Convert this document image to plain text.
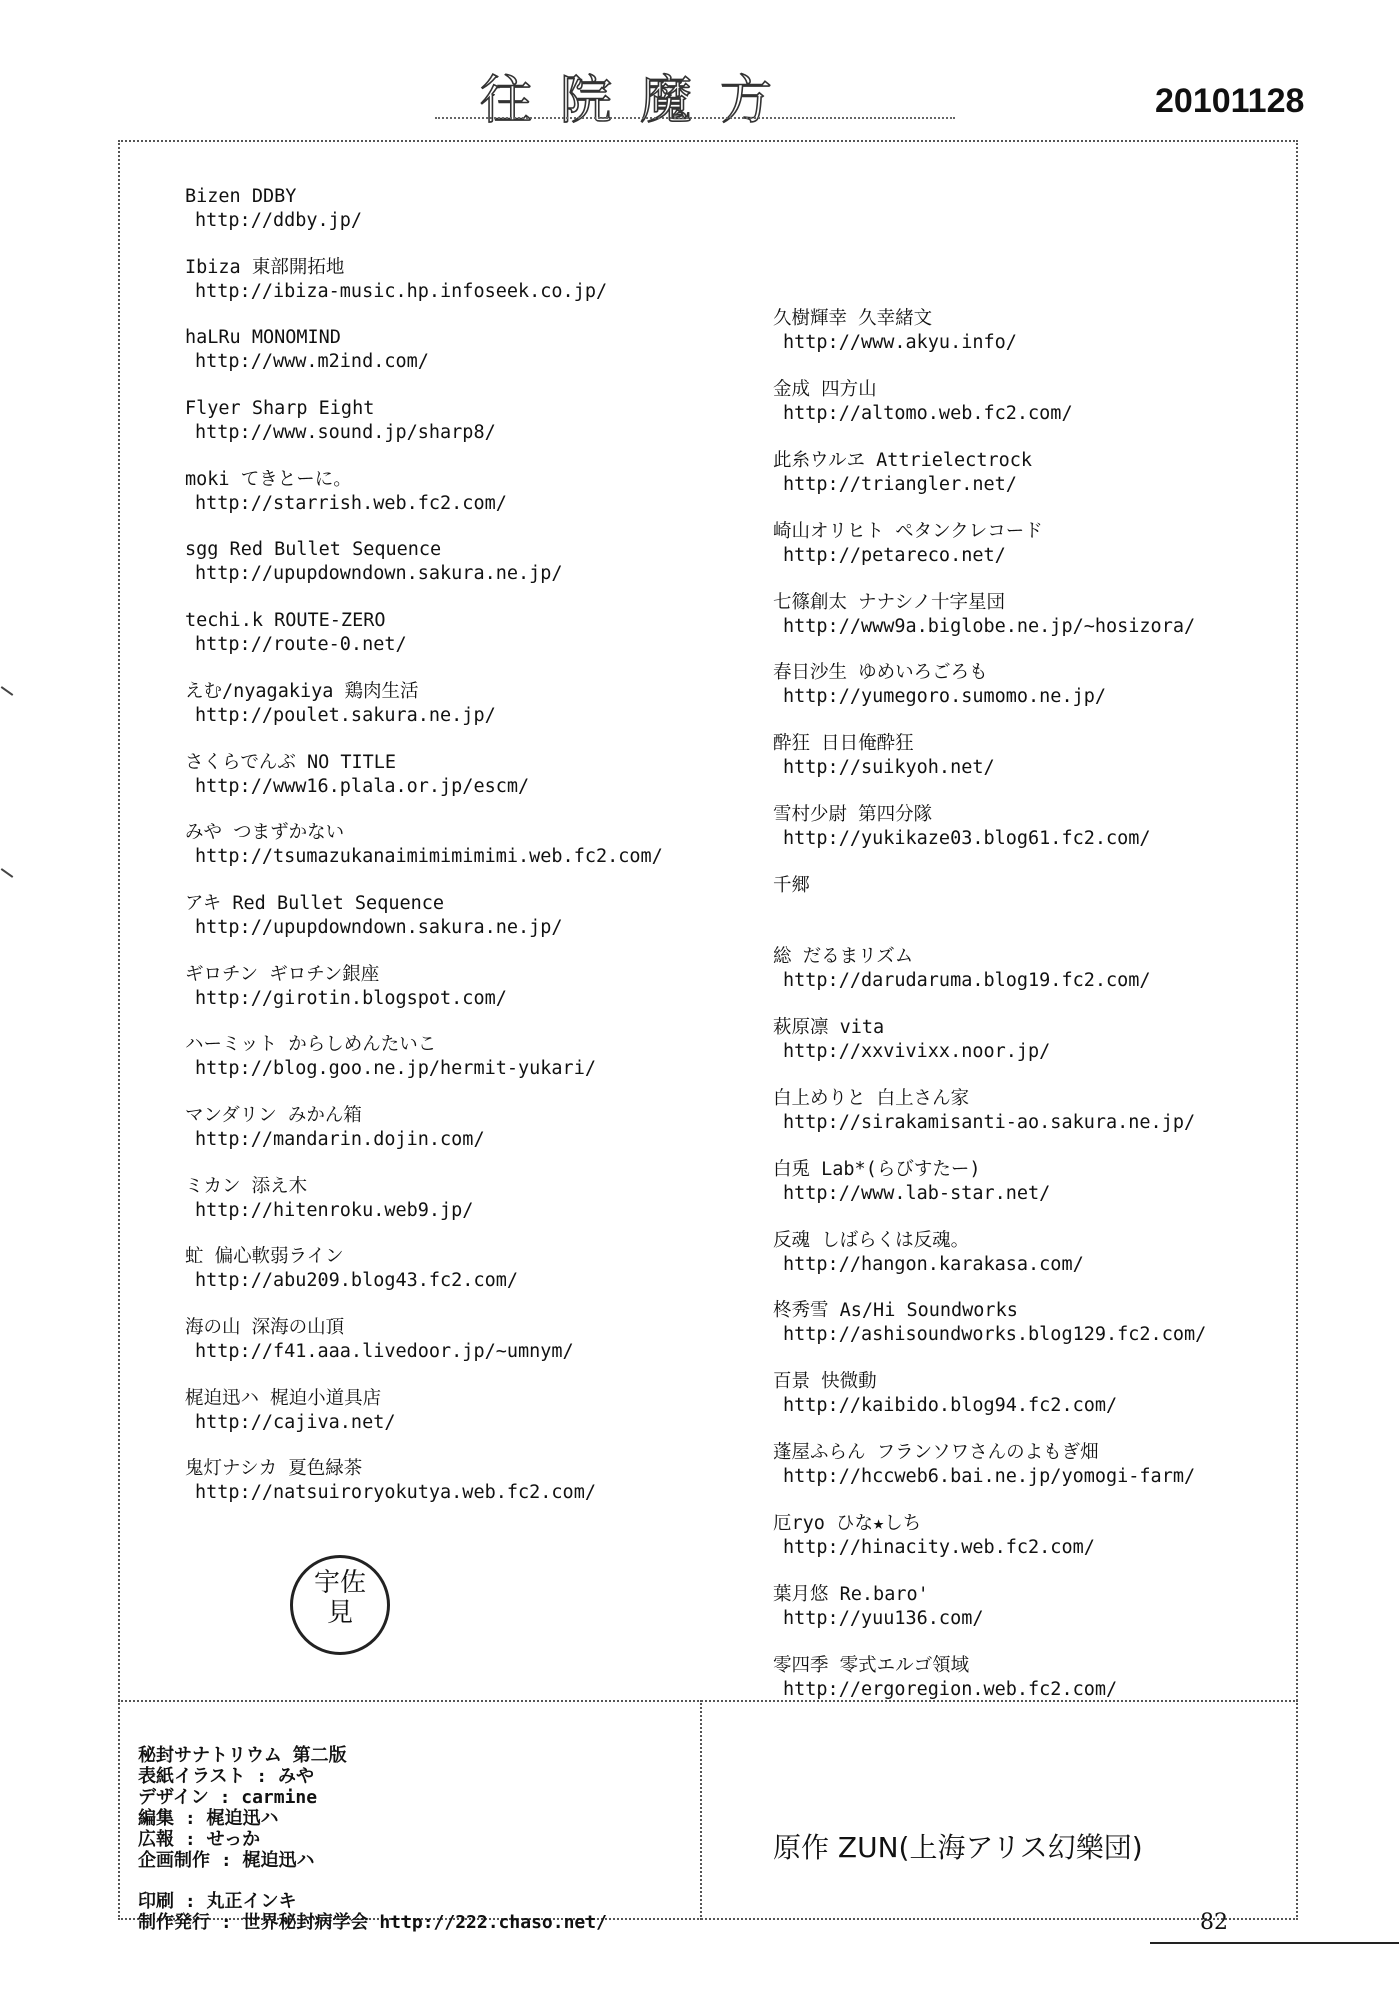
往院魔方	20101128
Bizen DDBY
http://ddby.jp/
Ibiza 東部開拓地
http://ibiza-music.hp.infoseek.co.jp/
haLRu MONOMIND
http://www.m2ind.com/
Flyer Sharp Eight
http://www.sound.jp/sharp8/
moki てきとーに。
http://starrish.web.fc2.com/
sgg Red Bullet Sequence
http://upupdowndown.sakura.ne.jp/
techi.k ROUTE-ZERO
http://route-0.net/
えむ/nyagakiya 鶏肉生活
http://poulet.sakura.ne.jp/
さくらでんぶ NO TITLE
http://www16.plala.or.jp/escm/
みや つまずかない
http://tsumazukanaimimimimimi.web.fc2.com/
アキ Red Bullet Sequence
http://upupdowndown.sakura.ne.jp/
ギロチン ギロチン銀座
http://girotin.blogspot.com/
ハーミット からしめんたいこ
http://blog.goo.ne.jp/hermit-yukari/
マンダリン みかん箱
http://mandarin.dojin.com/
ミカン 添え木
http://hitenroku.web9.jp/
虻 偏心軟弱ライン
http://abu209.blog43.fc2.com/
海の山 深海の山頂
http://f41.aaa.livedoor.jp/~umnym/
梶迫迅ハ 梶迫小道具店
http://cajiva.net/
鬼灯ナシカ 夏色緑茶
http://natsuiroryokutya.web.fc2.com/
久樹輝幸 久幸緒文
http://www.akyu.info/
金成 四方山
http://altomo.web.fc2.com/
此糸ウルヱ Attrielectrock
http://triangler.net/
崎山オリヒト ペタンクレコード
http://petareco.net/
七篠創太 ナナシノ十字星団
http://www9a.biglobe.ne.jp/~hosizora/
春日沙生 ゆめいろごろも
http://yumegoro.sumomo.ne.jp/
酔狂 日日俺酔狂
http://suikyoh.net/
雪村少尉 第四分隊
http://yukikaze03.blog61.fc2.com/
千郷
総 だるまリズム
http://darudaruma.blog19.fc2.com/
萩原凛 vita
http://xxvivixx.noor.jp/
白上めりと 白上さん家
http://sirakamisanti-ao.sakura.ne.jp/
白兎 Lab*(らびすたー)
http://www.lab-star.net/
反魂 しばらくは反魂。
http://hangon.karakasa.com/
柊秀雪 As/Hi Soundworks
http://ashisoundworks.blog129.fc2.com/
百景 快微動
http://kaibido.blog94.fc2.com/
蓬屋ふらん フランソワさんのよもぎ畑
http://hccweb6.bai.ne.jp/yomogi-farm/
厄ryo ひな★しち
http://hinacity.web.fc2.com/
葉月悠 Re.baro'
http://yuu136.com/
零四季 零式エルゴ領域
http://ergoregion.web.fc2.com/
宇佐
見
秘封サナトリウム 第二版
表紙イラスト : みや
デザイン : carmine
編集 : 梶迫迅ハ
広報 : せっか
企画制作 : 梶迫迅ハ
印刷 : 丸正インキ
制作発行 : 世界秘封病学会 http://222.chaso.net/
原作 ZUN(上海アリス幻樂団)
82
